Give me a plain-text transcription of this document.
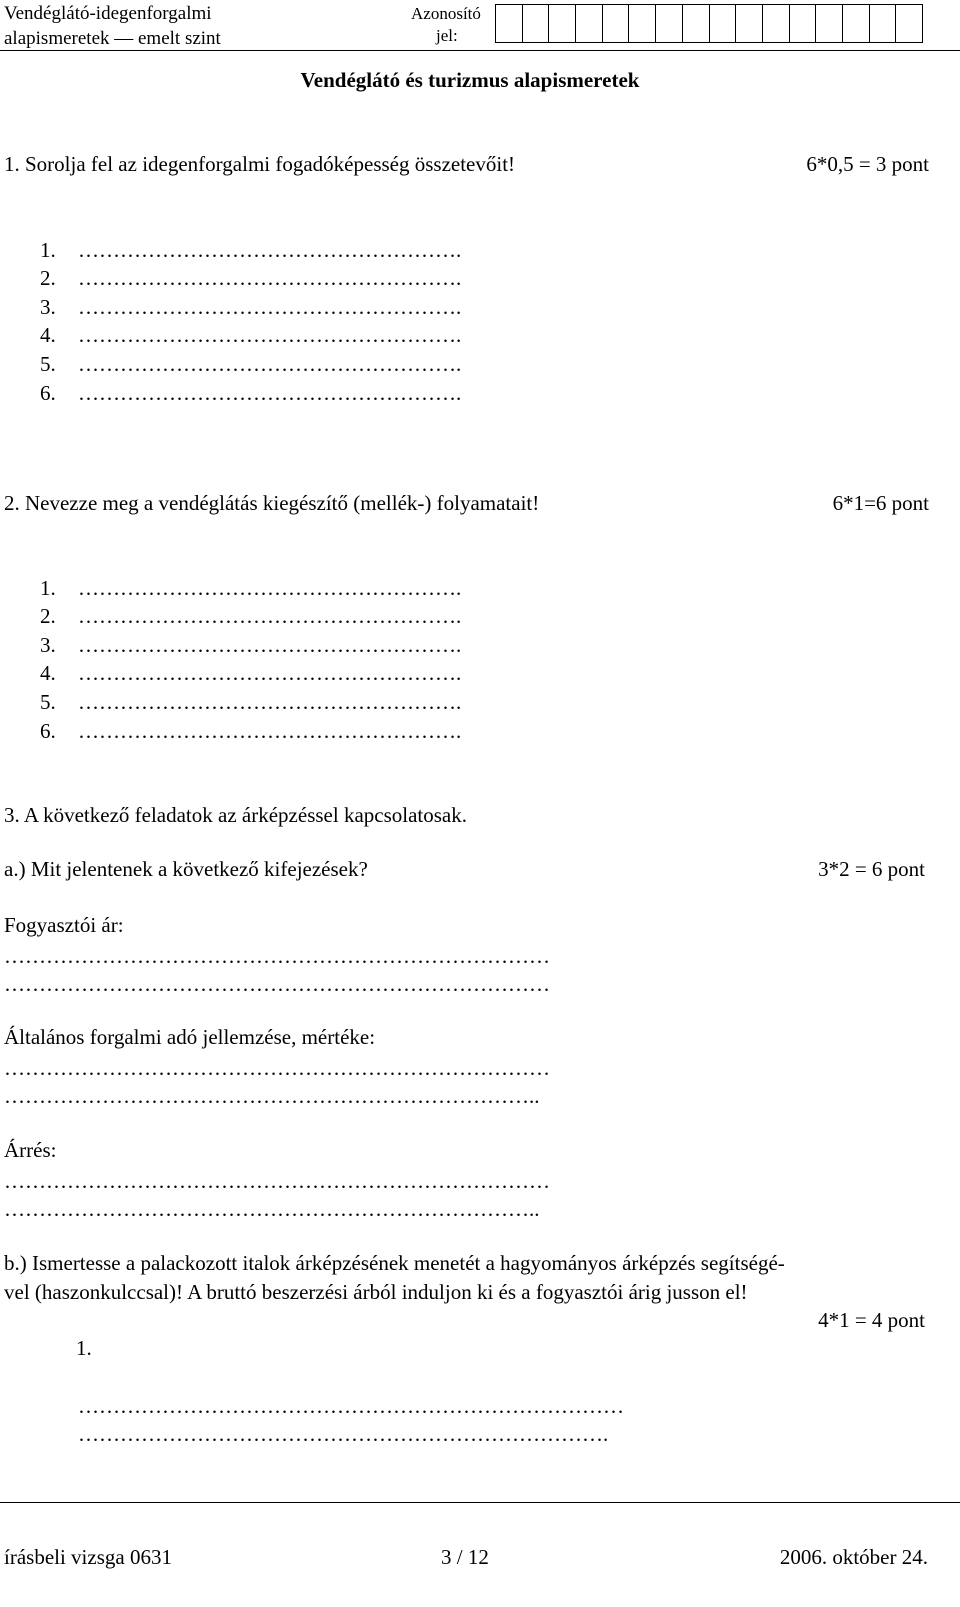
Vendéglátó-idegenforgalmi
alapismeretek — emelt szint
Azonosító
jel:
Vendéglátó és turizmus alapismeretek
1. Sorolja fel az idegenforgalmi fogadóképesség összetevőit!	6*0,5 = 3 pont
1. ……………………………………………….
2. ……………………………………………….
3. ……………………………………………….
4. ……………………………………………….
5. ……………………………………………….
6. ……………………………………………….
2. Nevezze meg a vendéglátás kiegészítő (mellék-) folyamatait!	6*1=6 pont
1. ……………………………………………….
2. ……………………………………………….
3. ……………………………………………….
4. ……………………………………………….
5. ……………………………………………….
6. ……………………………………………….
3. A következő feladatok az árképzéssel kapcsolatosak.
a.) Mit jelentenek a következő kifejezések?	3*2 = 6 pont
Fogyasztói ár:
……………………………………………………………………
……………………………………………………………………
Általános forgalmi adó jellemzése, mértéke:
……………………………………………………………………
…………………………………………………………………..
Árrés:
……………………………………………………………………
…………………………………………………………………..
b.) Ismertesse a palackozott italok árképzésének menetét a hagyományos árképzés segítségé-
vel (haszonkulccsal)! A bruttó beszerzési árból induljon ki és a fogyasztói árig jusson el!
4*1 = 4 pont
1.
……………………………………………………………………
………………………………………………………………….
írásbeli vizsga 0631	3 / 12	2006. október 24.
